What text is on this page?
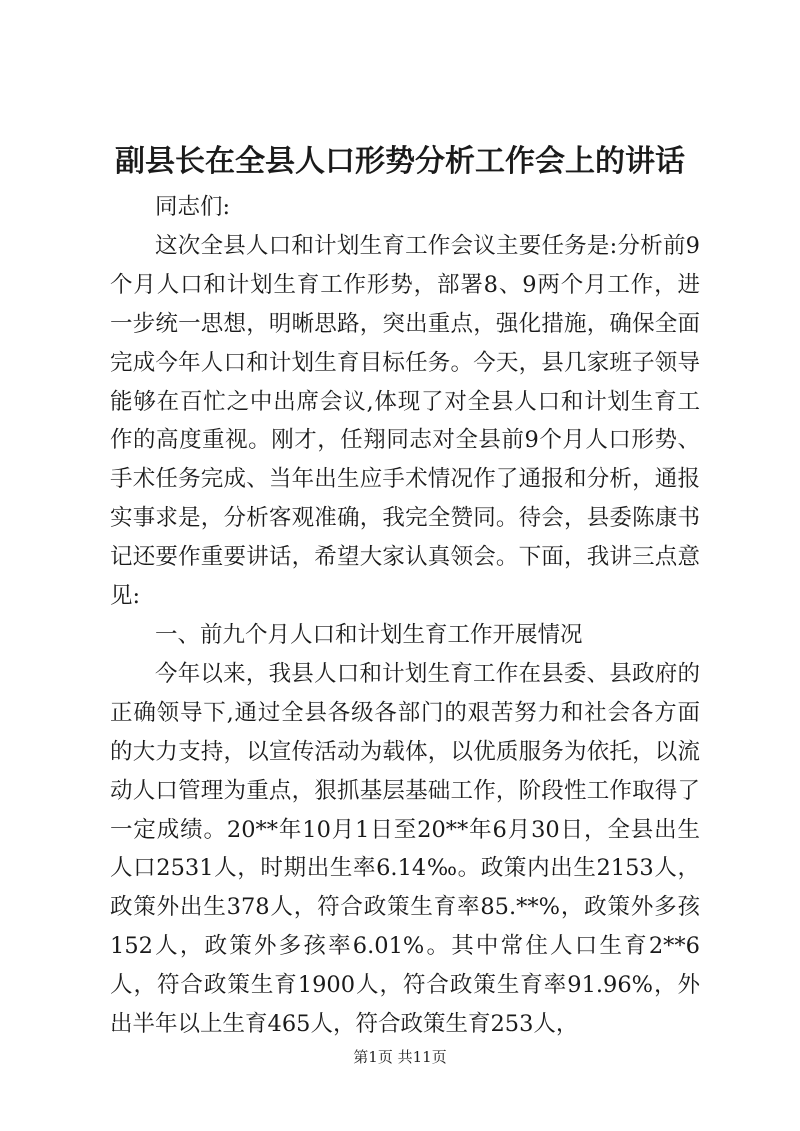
副县长在全县人口形势分析工作会上的讲话

同志们:

这次全县人口和计划生育工作会议主要任务是:分析前9个月人口和计划生育工作形势，部署8、9两个月工作，进一步统一思想，明晰思路，突出重点，强化措施，确保全面完成今年人口和计划生育目标任务。今天，县几家班子领导能够在百忙之中出席会议,体现了对全县人口和计划生育工作的高度重视。刚才，任翔同志对全县前9个月人口形势、手术任务完成、当年出生应手术情况作了通报和分析，通报实事求是，分析客观准确，我完全赞同。待会，县委陈康书记还要作重要讲话，希望大家认真领会。下面，我讲三点意见:

一、前九个月人口和计划生育工作开展情况

今年以来，我县人口和计划生育工作在县委、县政府的正确领导下,通过全县各级各部门的艰苦努力和社会各方面的大力支持，以宣传活动为载体，以优质服务为依托，以流动人口管理为重点，狠抓基层基础工作，阶段性工作取得了一定成绩。20**年10月1日至20**年6月30日，全县出生人口2531人，时期出生率6.14‰。政策内出生2153人，政策外出生378人，符合政策生育率85.**%，政策外多孩152人，政策外多孩率6.01%。其中常住人口生育2**6人，符合政策生育1900人，符合政策生育率91.96%，外出半年以上生育465人，符合政策生育253人，

第1页 共11页
